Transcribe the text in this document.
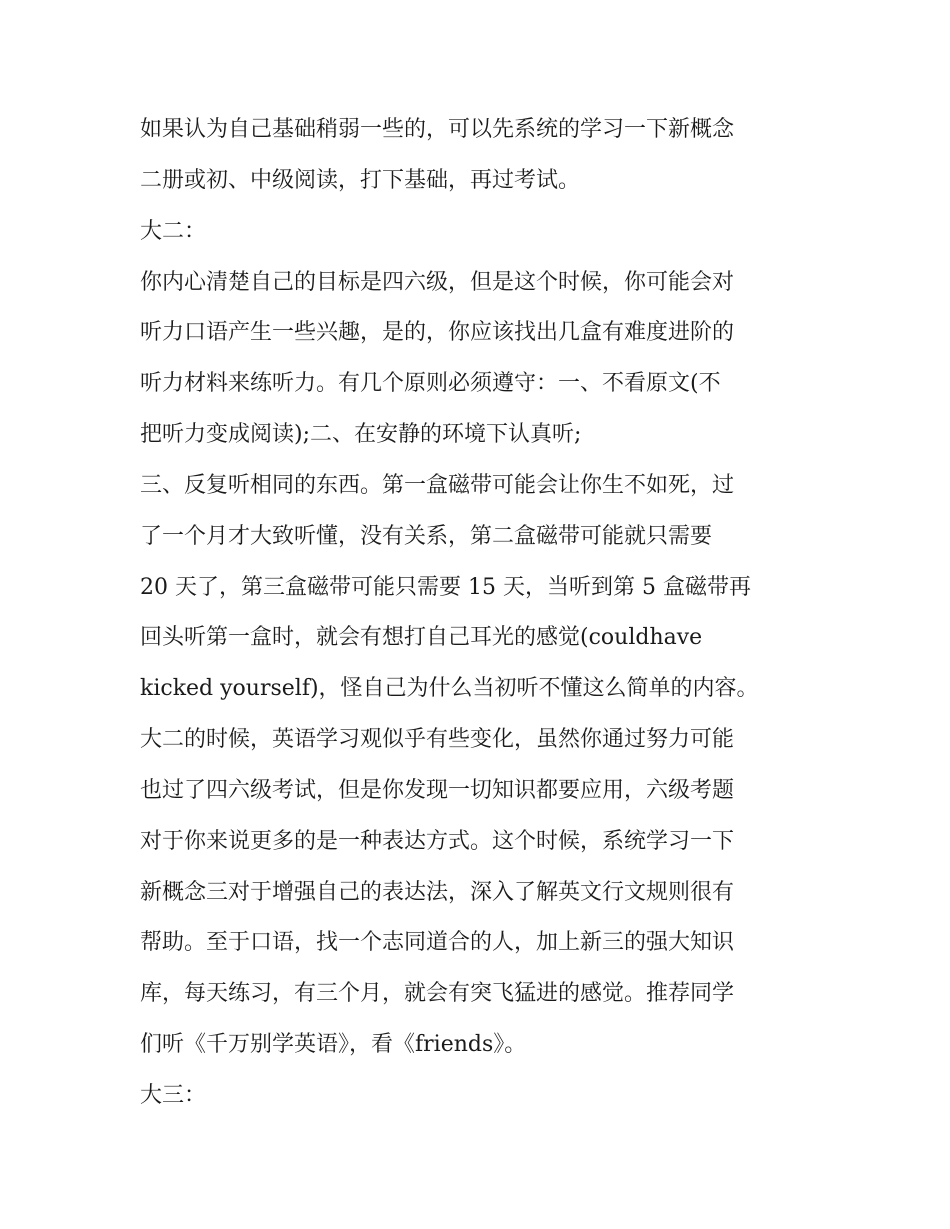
如果认为自己基础稍弱一些的，可以先系统的学习一下新概念
二册或初、中级阅读，打下基础，再过考试。
大二：
你内心清楚自己的目标是四六级，但是这个时候，你可能会对
听力口语产生一些兴趣，是的，你应该找出几盒有难度进阶的
听力材料来练听力。有几个原则必须遵守：一、不看原文(不
把听力变成阅读);二、在安静的环境下认真听;
三、反复听相同的东西。第一盒磁带可能会让你生不如死，过
了一个月才大致听懂，没有关系，第二盒磁带可能就只需要
20 天了，第三盒磁带可能只需要 15 天，当听到第 5 盒磁带再
回头听第一盒时，就会有想打自己耳光的感觉(couldhave
kicked yourself)，怪自己为什么当初听不懂这么简单的内容。
大二的时候，英语学习观似乎有些变化，虽然你通过努力可能
也过了四六级考试，但是你发现一切知识都要应用，六级考题
对于你来说更多的是一种表达方式。这个时候，系统学习一下
新概念三对于增强自己的表达法，深入了解英文行文规则很有
帮助。至于口语，找一个志同道合的人，加上新三的强大知识
库，每天练习，有三个月，就会有突飞猛进的感觉。推荐同学
们听《千万别学英语》，看《friends》。
大三：
